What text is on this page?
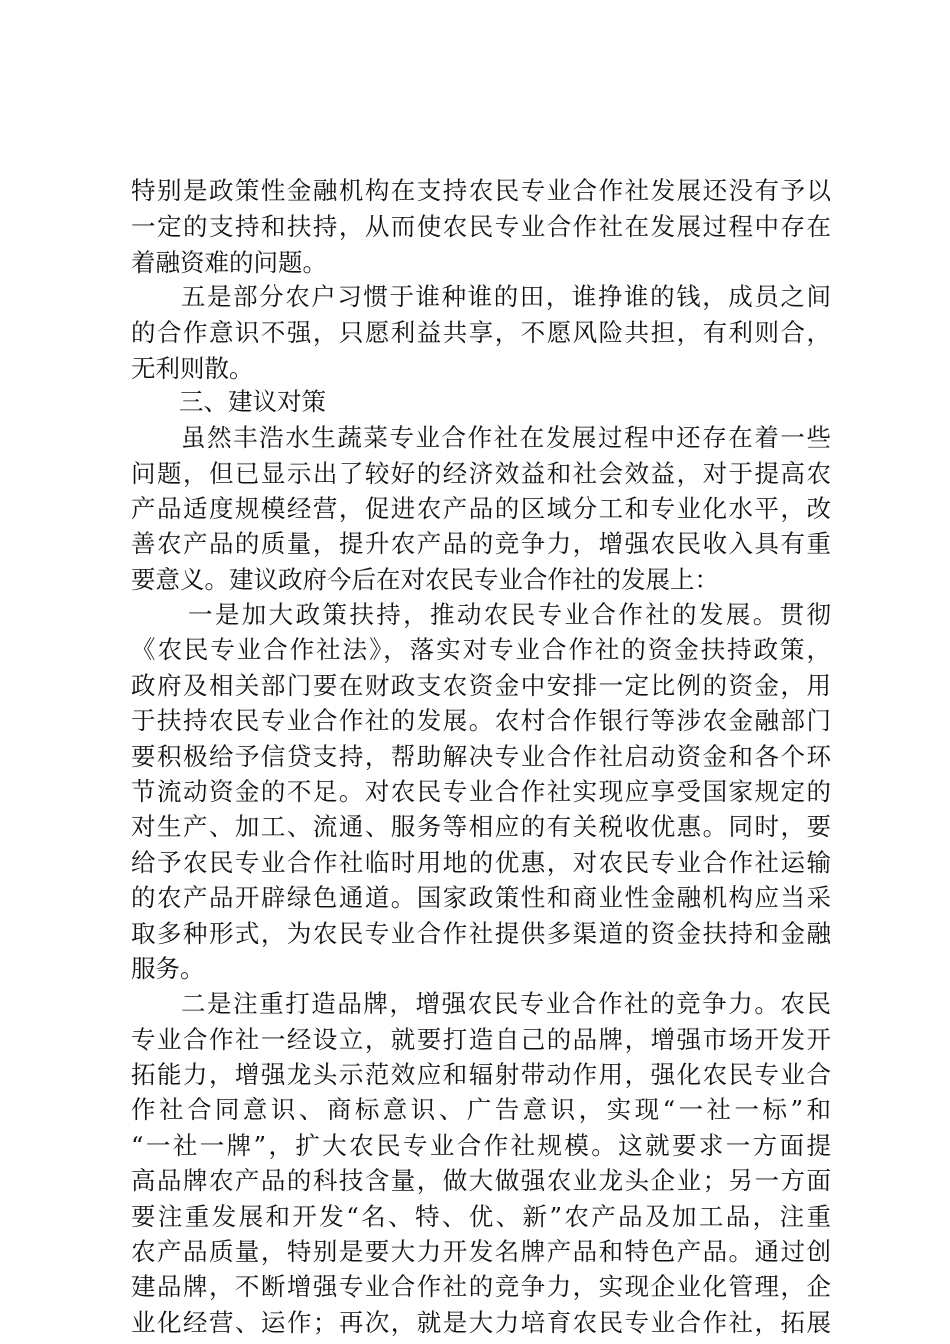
特别是政策性金融机构在支持农民专业合作社发展还没有予以
一定的支持和扶持，从而使农民专业合作社在发展过程中存在
着融资难的问题。
五是部分农户习惯于谁种谁的田，谁挣谁的钱，成员之间
的合作意识不强，只愿利益共享，不愿风险共担，有利则合，
无利则散。
三、建议对策
虽然丰浩水生蔬菜专业合作社在发展过程中还存在着一些
问题，但已显示出了较好的经济效益和社会效益，对于提高农
产品适度规模经营，促进农产品的区域分工和专业化水平，改
善农产品的质量，提升农产品的竞争力，增强农民收入具有重
要意义。建议政府今后在对农民专业合作社的发展上：
一是加大政策扶持，推动农民专业合作社的发展。贯彻
《农民专业合作社法》，落实对专业合作社的资金扶持政策，
政府及相关部门要在财政支农资金中安排一定比例的资金，用
于扶持农民专业合作社的发展。农村合作银行等涉农金融部门
要积极给予信贷支持，帮助解决专业合作社启动资金和各个环
节流动资金的不足。对农民专业合作社实现应享受国家规定的
对生产、加工、流通、服务等相应的有关税收优惠。同时，要
给予农民专业合作社临时用地的优惠，对农民专业合作社运输
的农产品开辟绿色通道。国家政策性和商业性金融机构应当采
取多种形式，为农民专业合作社提供多渠道的资金扶持和金融
服务。
二是注重打造品牌，增强农民专业合作社的竞争力。农民
专业合作社一经设立，就要打造自己的品牌，增强市场开发开
拓能力，增强龙头示范效应和辐射带动作用，强化农民专业合
作社合同意识、商标意识、广告意识，实现“一社一标”和
“一社一牌”，扩大农民专业合作社规模。这就要求一方面提
高品牌农产品的科技含量，做大做强农业龙头企业；另一方面
要注重发展和开发“名、特、优、新”农产品及加工品，注重
农产品质量，特别是要大力开发名牌产品和特色产品。通过创
建品牌，不断增强专业合作社的竞争力，实现企业化管理，企
业化经营、运作；再次，就是大力培育农民专业合作社，拓展
